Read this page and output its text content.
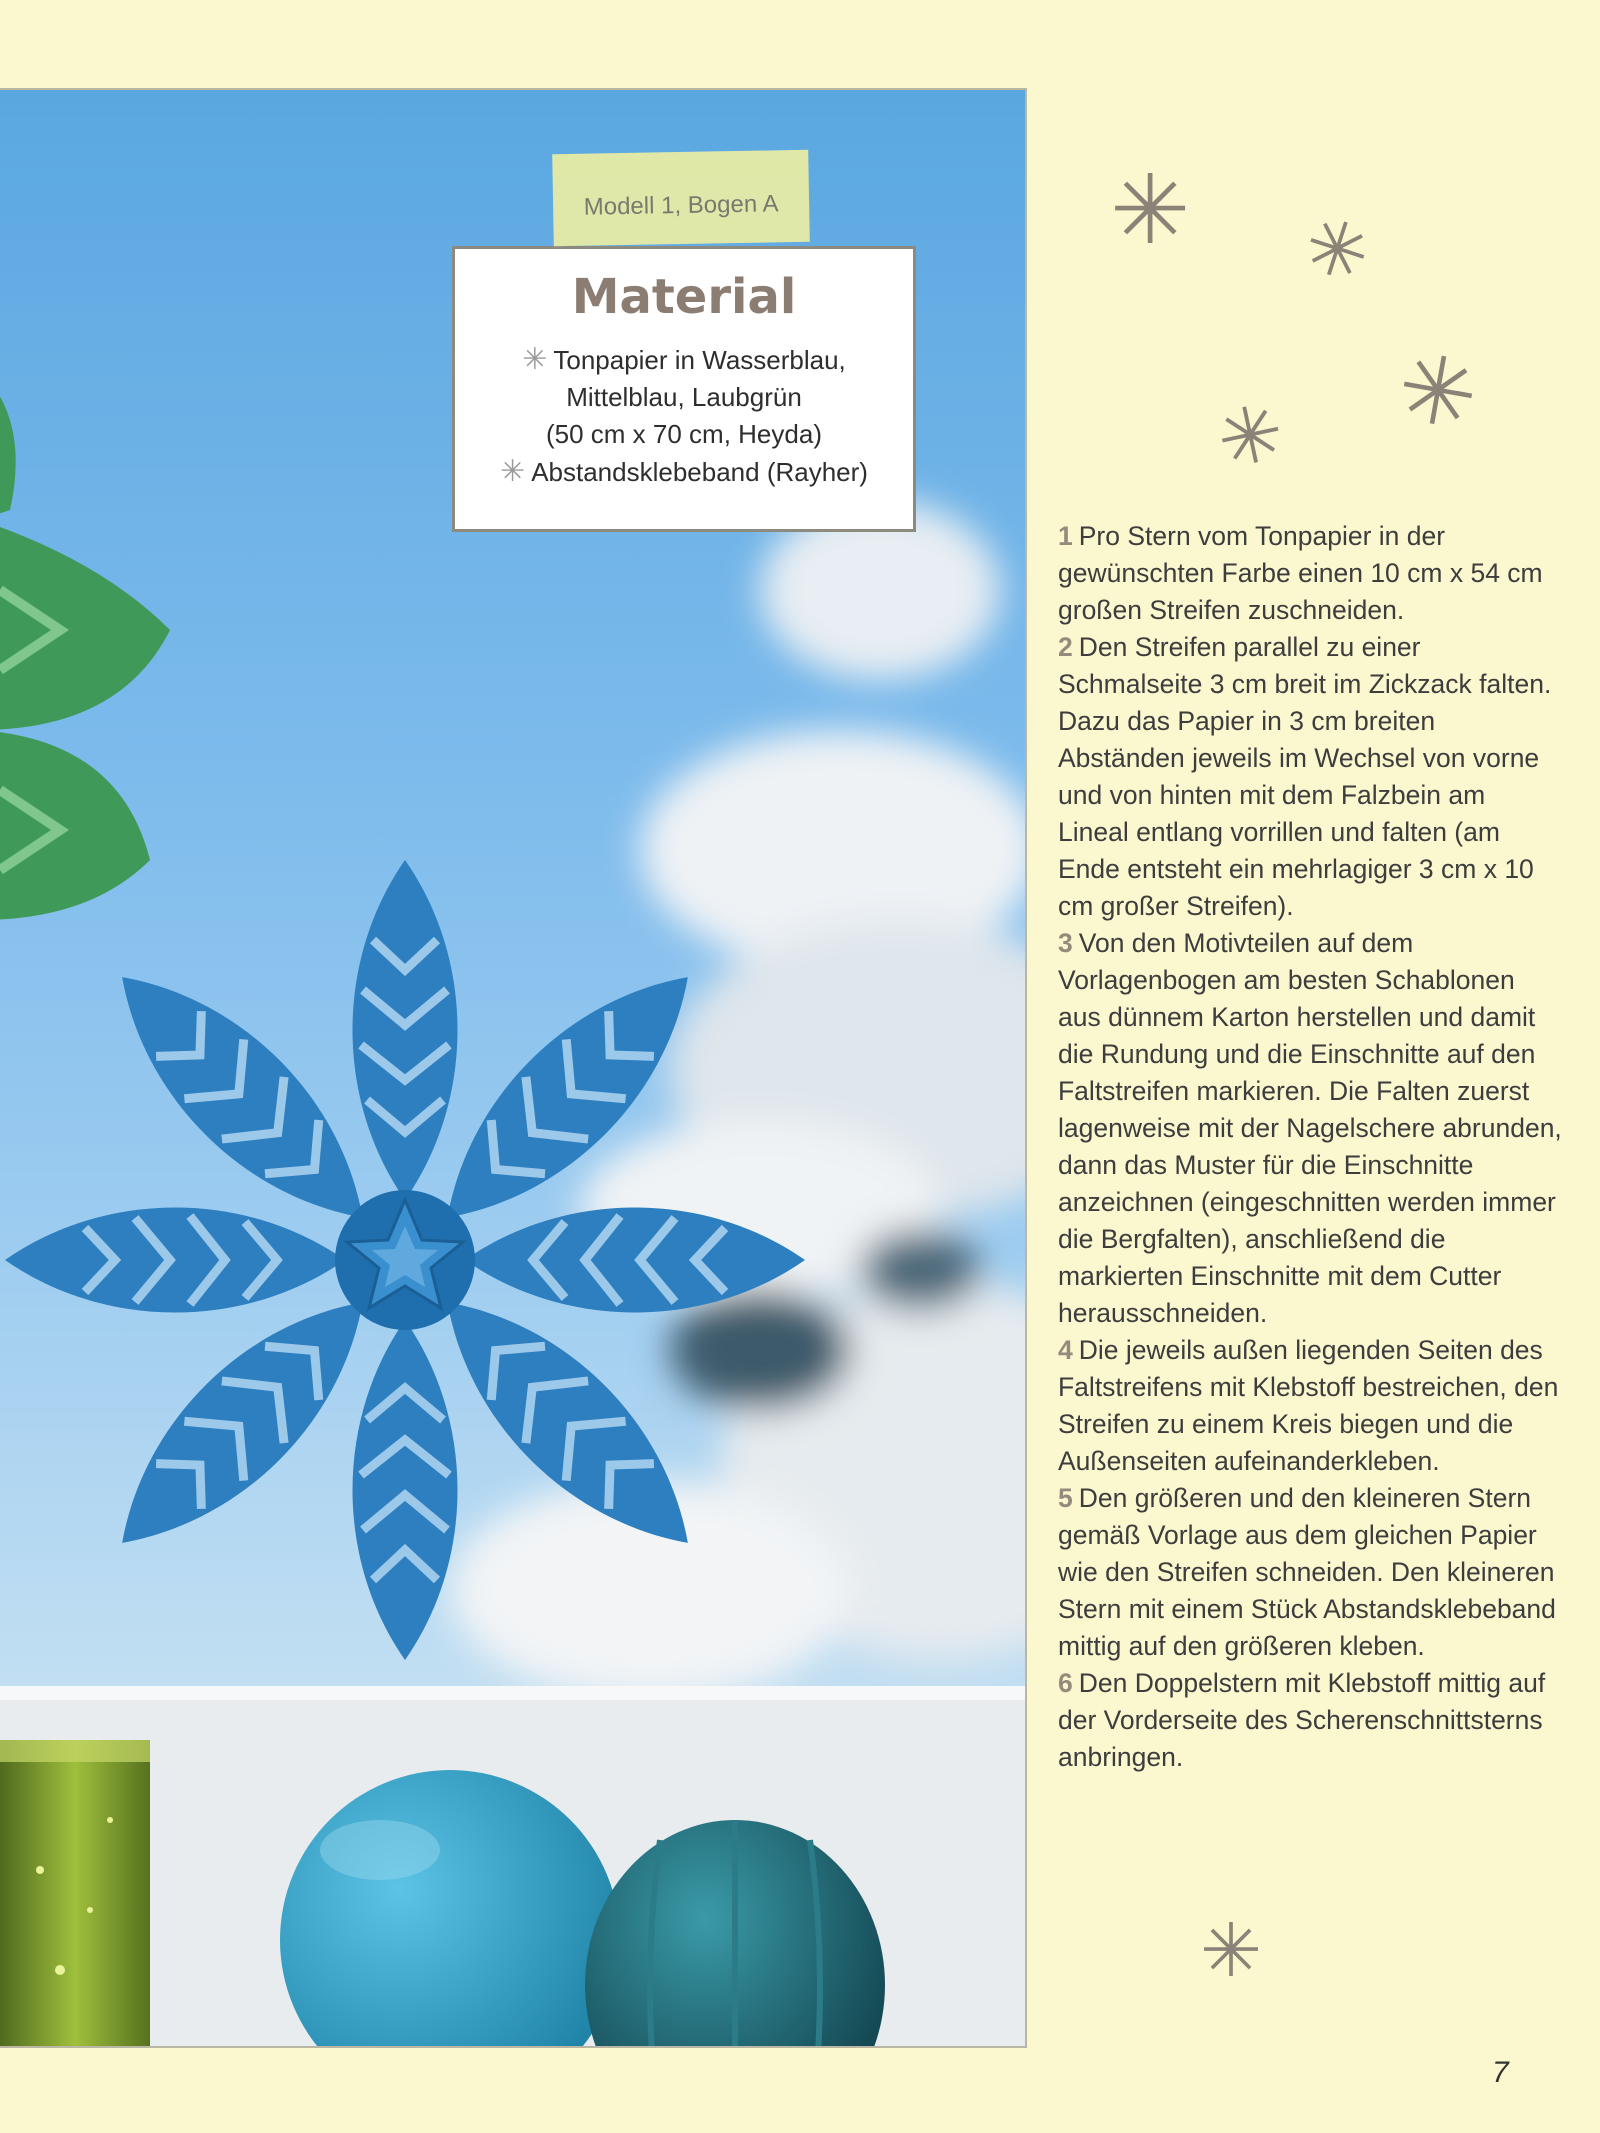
Modell 1, Bogen A
Material
✳ Tonpapier in Wasserblau,
Mittelblau, Laubgrün
(50 cm x 70 cm, Heyda)
✳ Abstandsklebeband (Rayher)
✳ ✳
✳
✳
✳

1 Pro Stern vom Tonpapier in der gewünschten Farbe einen 10 cm x 54 cm großen Streifen zuschneiden.

2 Den Streifen parallel zu einer Schmalseite 3 cm breit im Zickzack falten. Dazu das Papier in 3 cm breiten Abständen jeweils im Wechsel von vorne und von hinten mit dem Falzbein am Lineal entlang vorrillen und falten (am Ende entsteht ein mehrlagiger 3 cm x 10 cm großer Streifen).

3 Von den Motivteilen auf dem Vorlagenbogen am besten Schablonen aus dünnem Karton herstellen und damit die Rundung und die Einschnitte auf den Faltstreifen markieren. Die Falten zuerst lagenweise mit der Nagelschere abrunden, dann das Muster für die Einschnitte anzeichnen (eingeschnitten werden immer die Bergfalten), anschließend die markierten Einschnitte mit dem Cutter herausschneiden.

4 Die jeweils außen liegenden Seiten des Faltstreifens mit Klebstoff bestreichen, den Streifen zu einem Kreis biegen und die Außenseiten aufeinanderkleben.

5 Den größeren und den kleineren Stern gemäß Vorlage aus dem gleichen Papier wie den Streifen schneiden. Den kleineren Stern mit einem Stück Abstandsklebeband mittig auf den größeren kleben.

6 Den Doppelstern mit Klebstoff mittig auf der Vorderseite des Scherenschnittsterns anbringen.

7
